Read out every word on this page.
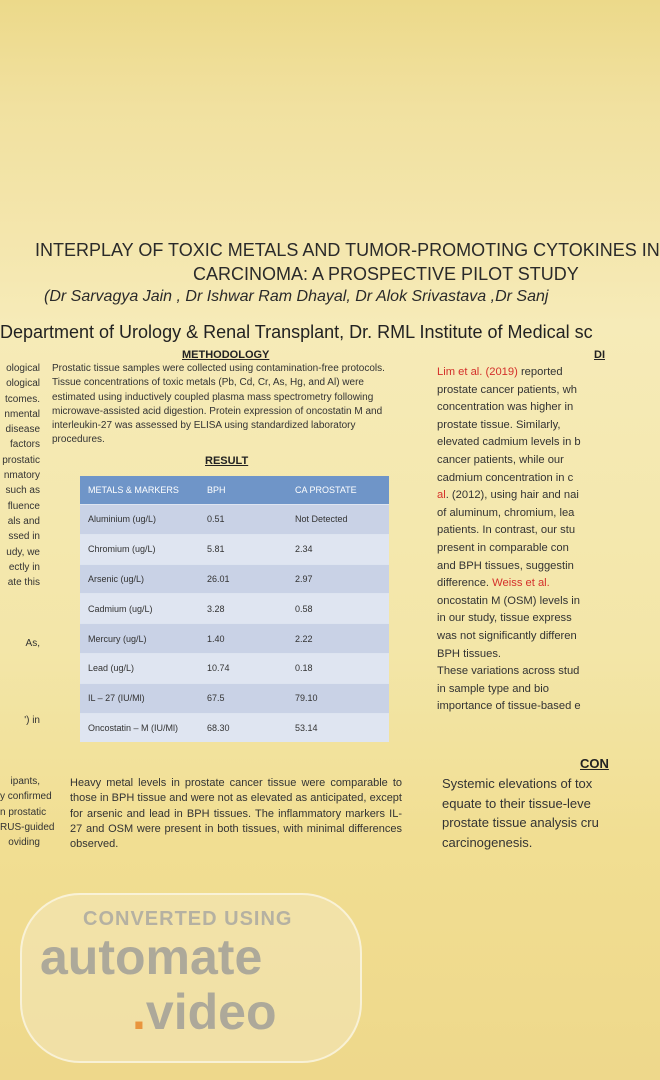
INTERPLAY OF TOXIC METALS AND TUMOR-PROMOTING CYTOKINES IN
CARCINOMA: A PROSPECTIVE PILOT STUDY
(Dr Sarvagya Jain , Dr Ishwar Ram Dhayal, Dr Alok Srivastava ,Dr Sanj
Department of Urology & Renal Transplant, Dr. RML Institute of Medical sc
ological
ological
tcomes.
nmental
disease
factors
prostatic
nmatory
such as
fluence
als and
ssed in
udy, we
ectly in
ate this

As,

') in

ipants,
y confirmed
n prostatic
RUS-guided
oviding
METHODOLOGY
Prostatic tissue samples were collected using contamination-free protocols. Tissue concentrations of toxic metals (Pb, Cd, Cr, As, Hg, and Al) were estimated using inductively coupled plasma mass spectrometry following microwave-assisted acid digestion. Protein expression of oncostatin M and interleukin-27 was assessed by ELISA using standardized laboratory procedures.
RESULT
METALS & MARKERS	BPH	CA PROSTATE
Aluminium (ug/L)	0.51	Not Detected
Chromium (ug/L)	5.81	2.34
Arsenic (ug/L)	26.01	2.97
Cadmium (ug/L)	3.28	0.58
Mercury (ug/L)	1.40	2.22
Lead (ug/L)	10.74	0.18
IL – 27 (IU/Ml)	67.5	79.10
Oncostatin – M (IU/Ml)	68.30	53.14
Heavy metal levels in prostate cancer tissue were comparable to those in BPH tissue and were not as elevated as anticipated, except for arsenic and lead in BPH tissues. The inflammatory markers IL-27 and OSM were present in both tissues, with minimal differences observed.
DI
Lim et al. (2019) reported
prostate cancer patients, wh
concentration was higher in
prostate tissue. Similarly,
elevated cadmium levels in b
cancer patients, while our
cadmium concentration in c
al. (2012), using hair and nai
of aluminum, chromium, lea
patients. In contrast, our stu
present in comparable con
and BPH tissues, suggestin
difference. Weiss et al.
oncostatin M (OSM) levels in
in our study, tissue express
was not significantly differen
BPH tissues.
These variations across stud
in sample type and bio
importance of tissue-based e
CON
Systemic elevations of tox
equate to their tissue-leve
prostate tissue analysis cru
carcinogenesis.
CONVERTED USING
automate
.video
